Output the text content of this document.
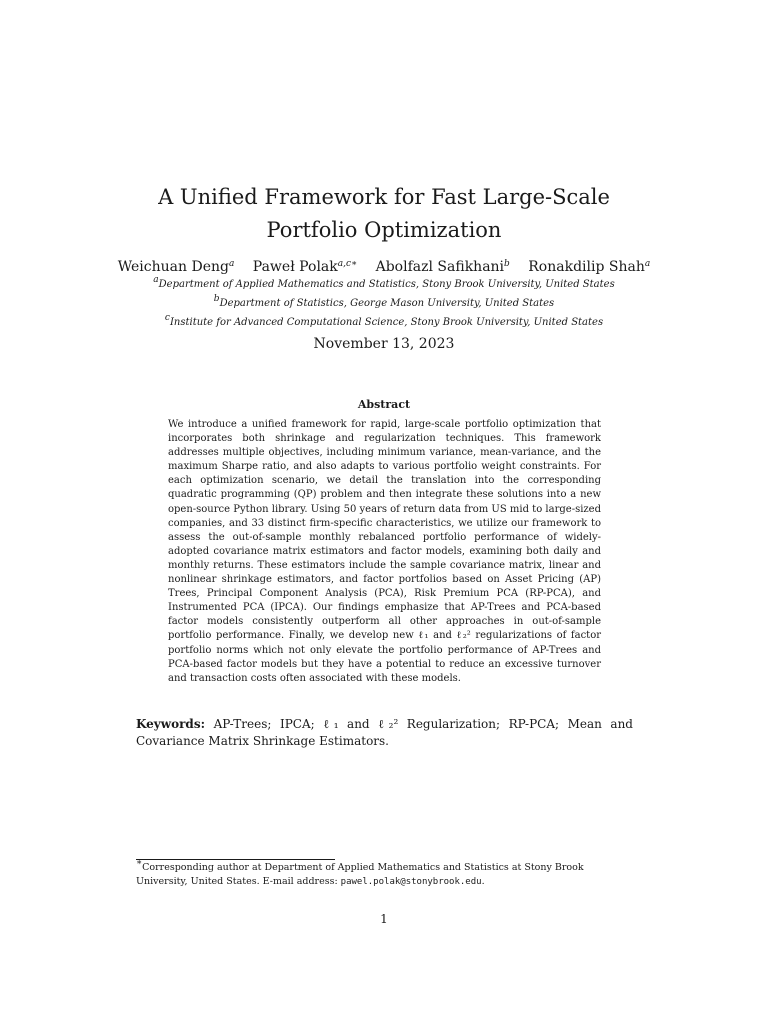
A Unified Framework for Fast Large-Scale Portfolio Optimization
Weichuan Deng$^a$ Paweł Polak$^{a,c∗}$ Abolfazl Safikhani$^b$ Ronakdilip Shah$^a$
$^a$Department of Applied Mathematics and Statistics, Stony Brook University, United States
$^b$Department of Statistics, George Mason University, United States
$^c$Institute for Advanced Computational Science, Stony Brook University, United States
November 13, 2023
Abstract

We introduce a unified framework for rapid, large-scale portfolio optimization that incorporates both shrinkage and regularization techniques. This framework addresses multiple objectives, including minimum variance, mean-variance, and the maximum Sharpe ratio, and also adapts to various portfolio weight constraints. For each optimization scenario, we detail the translation into the corresponding quadratic programming (QP) problem and then integrate these solutions into a new open-source Python library. Using 50 years of return data from US mid to large-sized companies, and 33 distinct firm-specific characteristics, we utilize our framework to assess the out-of-sample monthly rebalanced portfolio performance of widely-adopted covariance matrix estimators and factor models, examining both daily and monthly returns. These estimators include the sample covariance matrix, linear and nonlinear shrinkage estimators, and factor portfolios based on Asset Pricing (AP) Trees, Principal Component Analysis (PCA), Risk Premium PCA (RP-PCA), and Instrumented PCA (IPCA). Our findings emphasize that AP-Trees and PCA-based factor models consistently outperform all other approaches in out-of-sample portfolio performance. Finally, we develop new ℓ₁ and ℓ₂² regularizations of factor portfolio norms which not only elevate the portfolio performance of AP-Trees and PCA-based factor models but they have a potential to reduce an excessive turnover and transaction costs often associated with these models.

Keywords: AP-Trees; IPCA; ℓ₁ and ℓ₂² Regularization; RP-PCA; Mean and Covariance Matrix Shrinkage Estimators.

∗Corresponding author at Department of Applied Mathematics and Statistics at Stony Brook University, United States. E-mail address: pawel.polak@stonybrook.edu.

1
